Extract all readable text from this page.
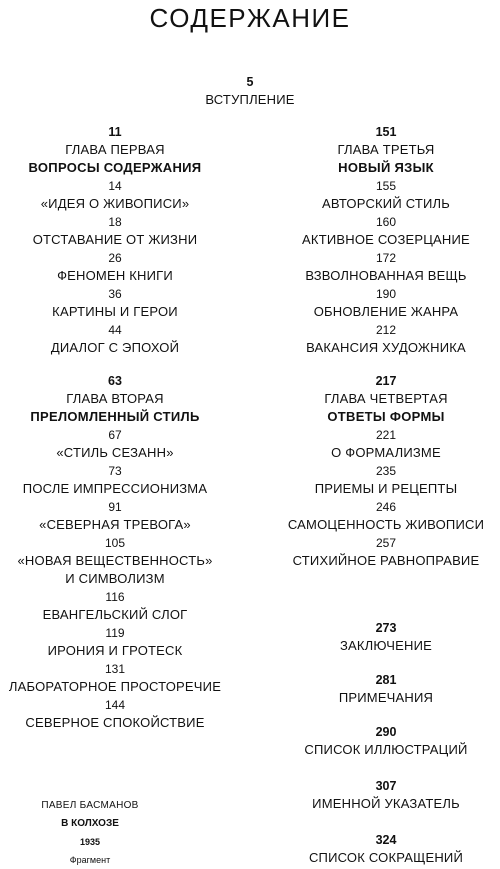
СОДЕРЖАНИЕ
5
ВСТУПЛЕНИЕ
11
ГЛАВА ПЕРВАЯ
ВОПРОСЫ СОДЕРЖАНИЯ
14
«ИДЕЯ О ЖИВОПИСИ»
18
ОТСТАВАНИЕ ОТ ЖИЗНИ
26
ФЕНОМЕН КНИГИ
36
КАРТИНЫ И ГЕРОИ
44
ДИАЛОГ С ЭПОХОЙ
63
ГЛАВА ВТОРАЯ
ПРЕЛОМЛЕННЫЙ СТИЛЬ
67
«СТИЛЬ СЕЗАНН»
73
ПОСЛЕ ИМПРЕССИОНИЗМА
91
«СЕВЕРНАЯ ТРЕВОГА»
105
«НОВАЯ ВЕЩЕСТВЕННОСТЬ»
И СИМВОЛИЗМ
116
ЕВАНГЕЛЬСКИЙ СЛОГ
119
ИРОНИЯ И ГРОТЕСК
131
ЛАБОРАТОРНОЕ ПРОСТОРЕЧИЕ
144
СЕВЕРНОЕ СПОКОЙСТВИЕ
151
ГЛАВА ТРЕТЬЯ
НОВЫЙ ЯЗЫК
155
АВТОРСКИЙ СТИЛЬ
160
АКТИВНОЕ СОЗЕРЦАНИЕ
172
ВЗВОЛНОВАННАЯ ВЕЩЬ
190
ОБНОВЛЕНИЕ ЖАНРА
212
ВАКАНСИЯ ХУДОЖНИКА
217
ГЛАВА ЧЕТВЕРТАЯ
ОТВЕТЫ ФОРМЫ
221
О ФОРМАЛИЗМЕ
235
ПРИЕМЫ И РЕЦЕПТЫ
246
САМОЦЕННОСТЬ ЖИВОПИСИ
257
СТИХИЙНОЕ РАВНОПРАВИЕ
273
ЗАКЛЮЧЕНИЕ
281
ПРИМЕЧАНИЯ
290
СПИСОК ИЛЛЮСТРАЦИЙ
307
ИМЕННОЙ УКАЗАТЕЛЬ
324
СПИСОК СОКРАЩЕНИЙ
ПАВЕЛ БАСМАНОВ
В КОЛХОЗЕ
1935
Фрагмент
